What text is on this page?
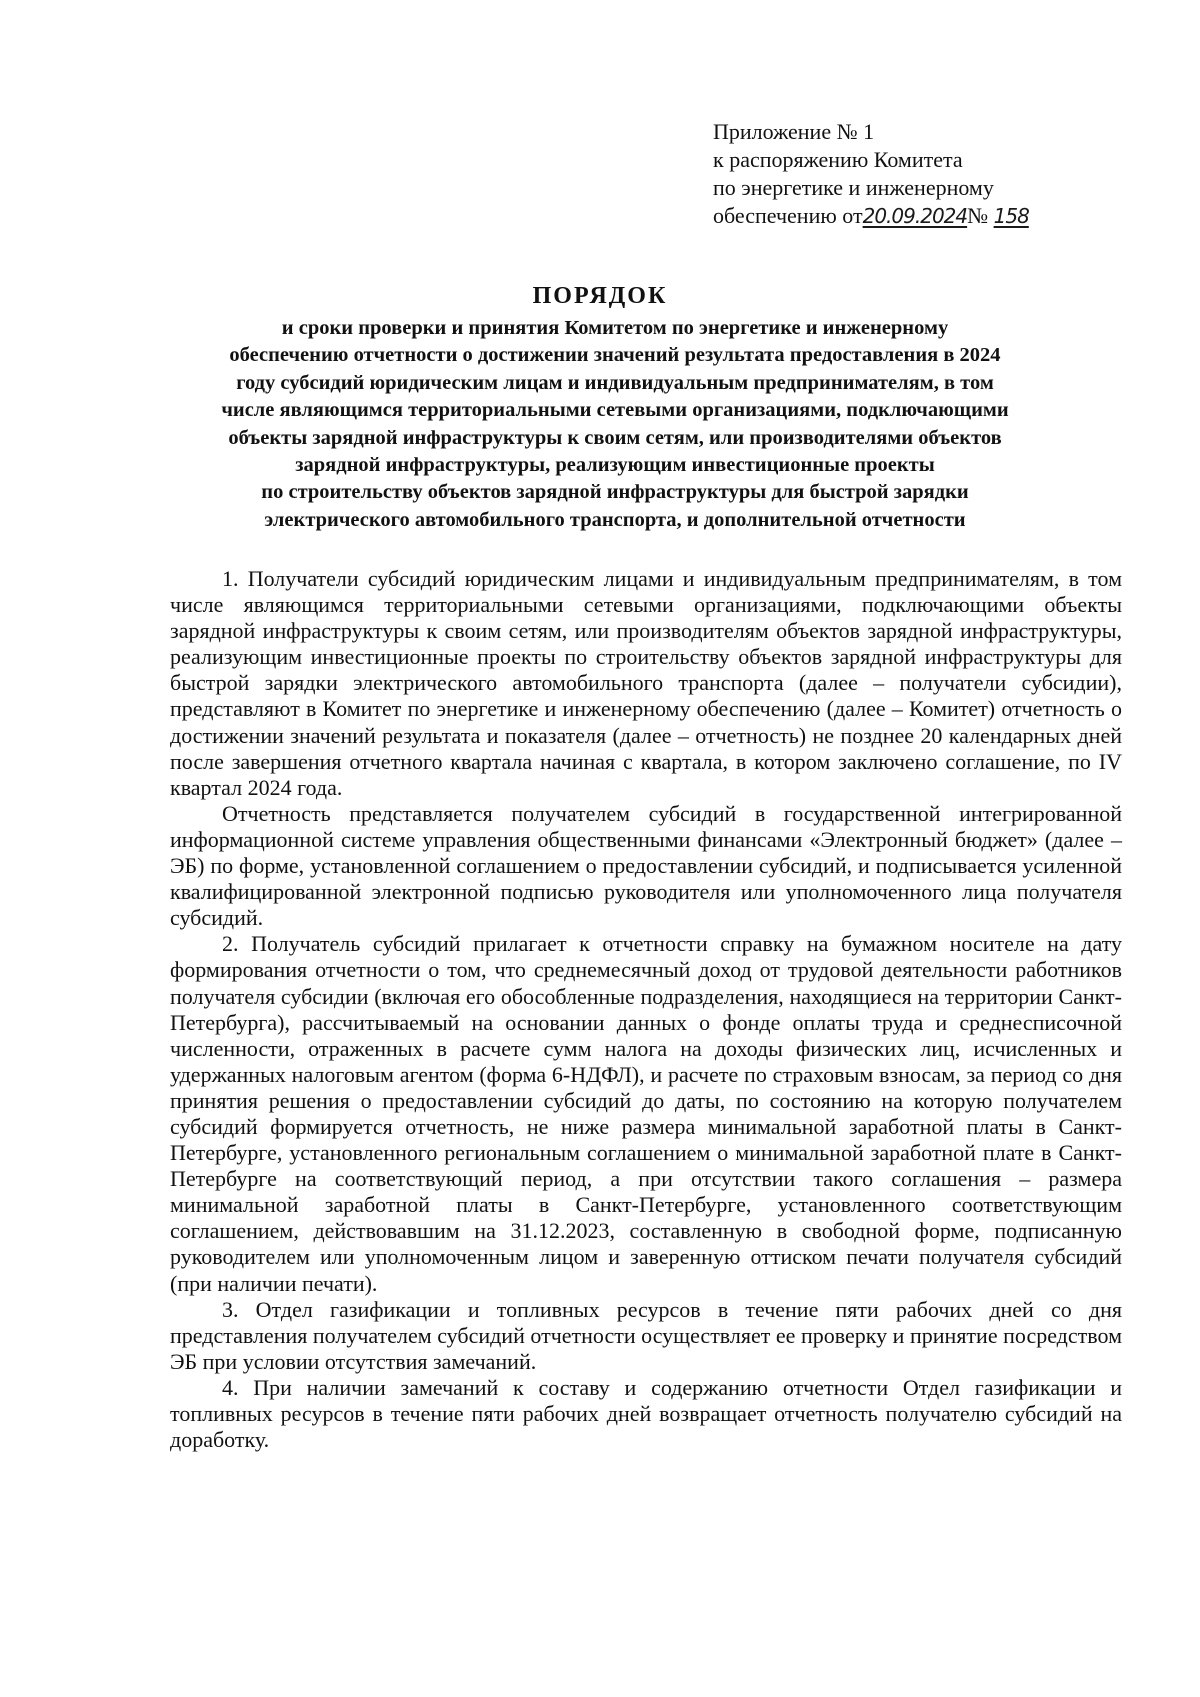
Приложение № 1
к распоряжению Комитета
по энергетике и инженерному
обеспечению от20.09.2024№ 158
ПОРЯДОК
и сроки проверки и принятия Комитетом по энергетике и инженерному
обеспечению отчетности о достижении значений результата предоставления в 2024
году субсидий юридическим лицам и индивидуальным предпринимателям, в том
числе являющимся территориальными сетевыми организациями, подключающими
объекты зарядной инфраструктуры к своим сетям, или производителями объектов
зарядной инфраструктуры, реализующим инвестиционные проекты
по строительству объектов зарядной инфраструктуры для быстрой зарядки
электрического автомобильного транспорта, и дополнительной отчетности

1. Получатели субсидий юридическим лицами и индивидуальным предпринимателям, в том числе являющимся территориальными сетевыми организациями, подключающими объекты зарядной инфраструктуры к своим сетям, или производителям объектов зарядной инфраструктуры, реализующим инвестиционные проекты по строительству объектов зарядной инфраструктуры для быстрой зарядки электрического автомобильного транспорта (далее – получатели субсидии), представляют в Комитет по энергетике и инженерному обеспечению (далее – Комитет) отчетность о достижении значений результата и показателя (далее – отчетность) не позднее 20 календарных дней после завершения отчетного квартала начиная с квартала, в котором заключено соглашение, по IV квартал 2024 года.

Отчетность представляется получателем субсидий в государственной интегрированной информационной системе управления общественными финансами «Электронный бюджет» (далее – ЭБ) по форме, установленной соглашением о предоставлении субсидий, и подписывается усиленной квалифицированной электронной подписью руководителя или уполномоченного лица получателя субсидий.

2. Получатель субсидий прилагает к отчетности справку на бумажном носителе на дату формирования отчетности о том, что среднемесячный доход от трудовой деятельности работников получателя субсидии (включая его обособленные подразделения, находящиеся на территории Санкт-Петербурга), рассчитываемый на основании данных о фонде оплаты труда и среднесписочной численности, отраженных в расчете сумм налога на доходы физических лиц, исчисленных и удержанных налоговым агентом (форма 6-НДФЛ), и расчете по страховым взносам, за период со дня принятия решения о предоставлении субсидий до даты, по состоянию на которую получателем субсидий формируется отчетность, не ниже размера минимальной заработной платы в Санкт-Петербурге, установленного региональным соглашением о минимальной заработной плате в Санкт-Петербурге на соответствующий период, а при отсутствии такого соглашения – размера минимальной заработной платы в Санкт-Петербурге, установленного соответствующим соглашением, действовавшим на 31.12.2023, составленную в свободной форме, подписанную руководителем или уполномоченным лицом и заверенную оттиском печати получателя субсидий (при наличии печати).

3. Отдел газификации и топливных ресурсов в течение пяти рабочих дней со дня представления получателем субсидий отчетности осуществляет ее проверку и принятие посредством ЭБ при условии отсутствия замечаний.

4. При наличии замечаний к составу и содержанию отчетности Отдел газификации и топливных ресурсов в течение пяти рабочих дней возвращает отчетность получателю субсидий на доработку.
